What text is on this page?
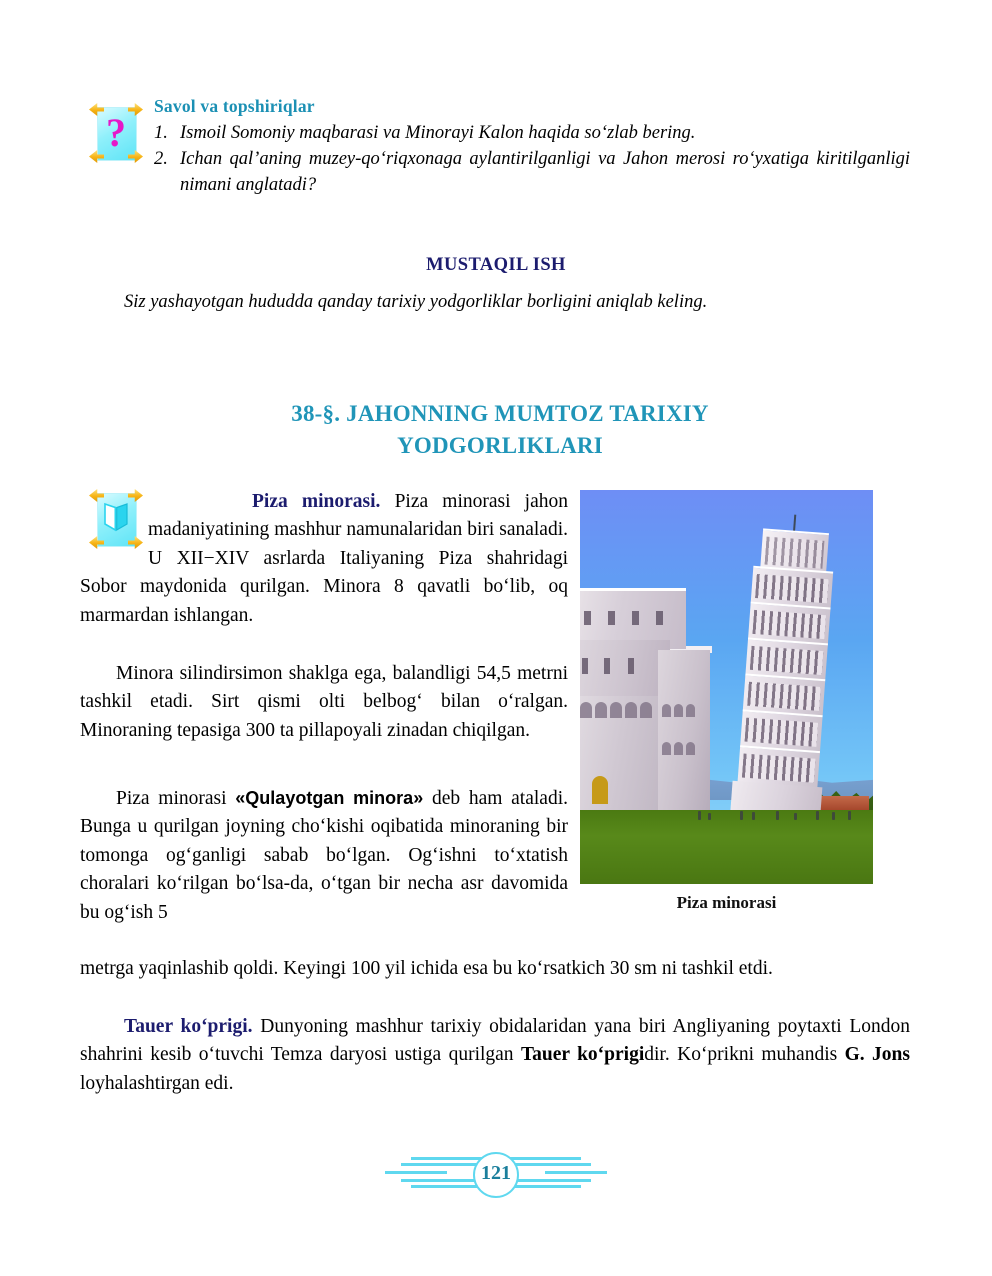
?
Savol va topshiriqlar
1. Ismoil Somoniy maqbarasi va Minorayi Kalon haqida so‘zlab bering.
2. Ichan qal’aning muzey-qo‘riqxonaga aylantirilganligi va Jahon merosi ro‘yxatiga kiritilganligi nimani anglatadi?
MUSTAQIL ISH
Siz yashayotgan hududda qanday tarixiy yodgorliklar borligini aniqlab keling.
38-§. JAHONNING MUMTOZ TARIXIY
YODGORLIKLARI
Piza minorasi
Piza minorasi. Piza minorasi jahon madaniyatining mashhur namunalaridan biri sanaladi. U XII−XIV asrlarda Italiyaning Piza shahridagi Sobor maydonida qurilgan. Minora 8 qavatli bo‘lib, oq marmardan ishlangan.
Minora silindirsimon shaklga ega, balandligi 54,5 metrni tashkil etadi. Sirt qismi olti belbog‘ bilan o‘ralgan. Minoraning tepasiga 300 ta pillapoyali zinadan chiqilgan.
Piza minorasi «Qulayotgan minora» deb ham ataladi. Bunga u qurilgan joyning cho‘kishi oqibatida minoraning bir tomonga og‘ganligi sabab bo‘lgan. Og‘ishni to‘xtatish choralari ko‘rilgan bo‘lsa-da, o‘tgan bir necha asr davomida bu og‘ish 5
metrga yaqinlashib qoldi. Keyingi 100 yil ichida esa bu ko‘rsatkich 30 sm ni tashkil etdi.
Tauer ko‘prigi. Dunyoning mashhur tarixiy obidalaridan yana biri Angliyaning poytaxti London shahrini kesib o‘tuvchi Temza daryosi ustiga qurilgan Tauer ko‘prigidir. Ko‘prikni muhandis G. Jons loyhalashtirgan edi.
121
